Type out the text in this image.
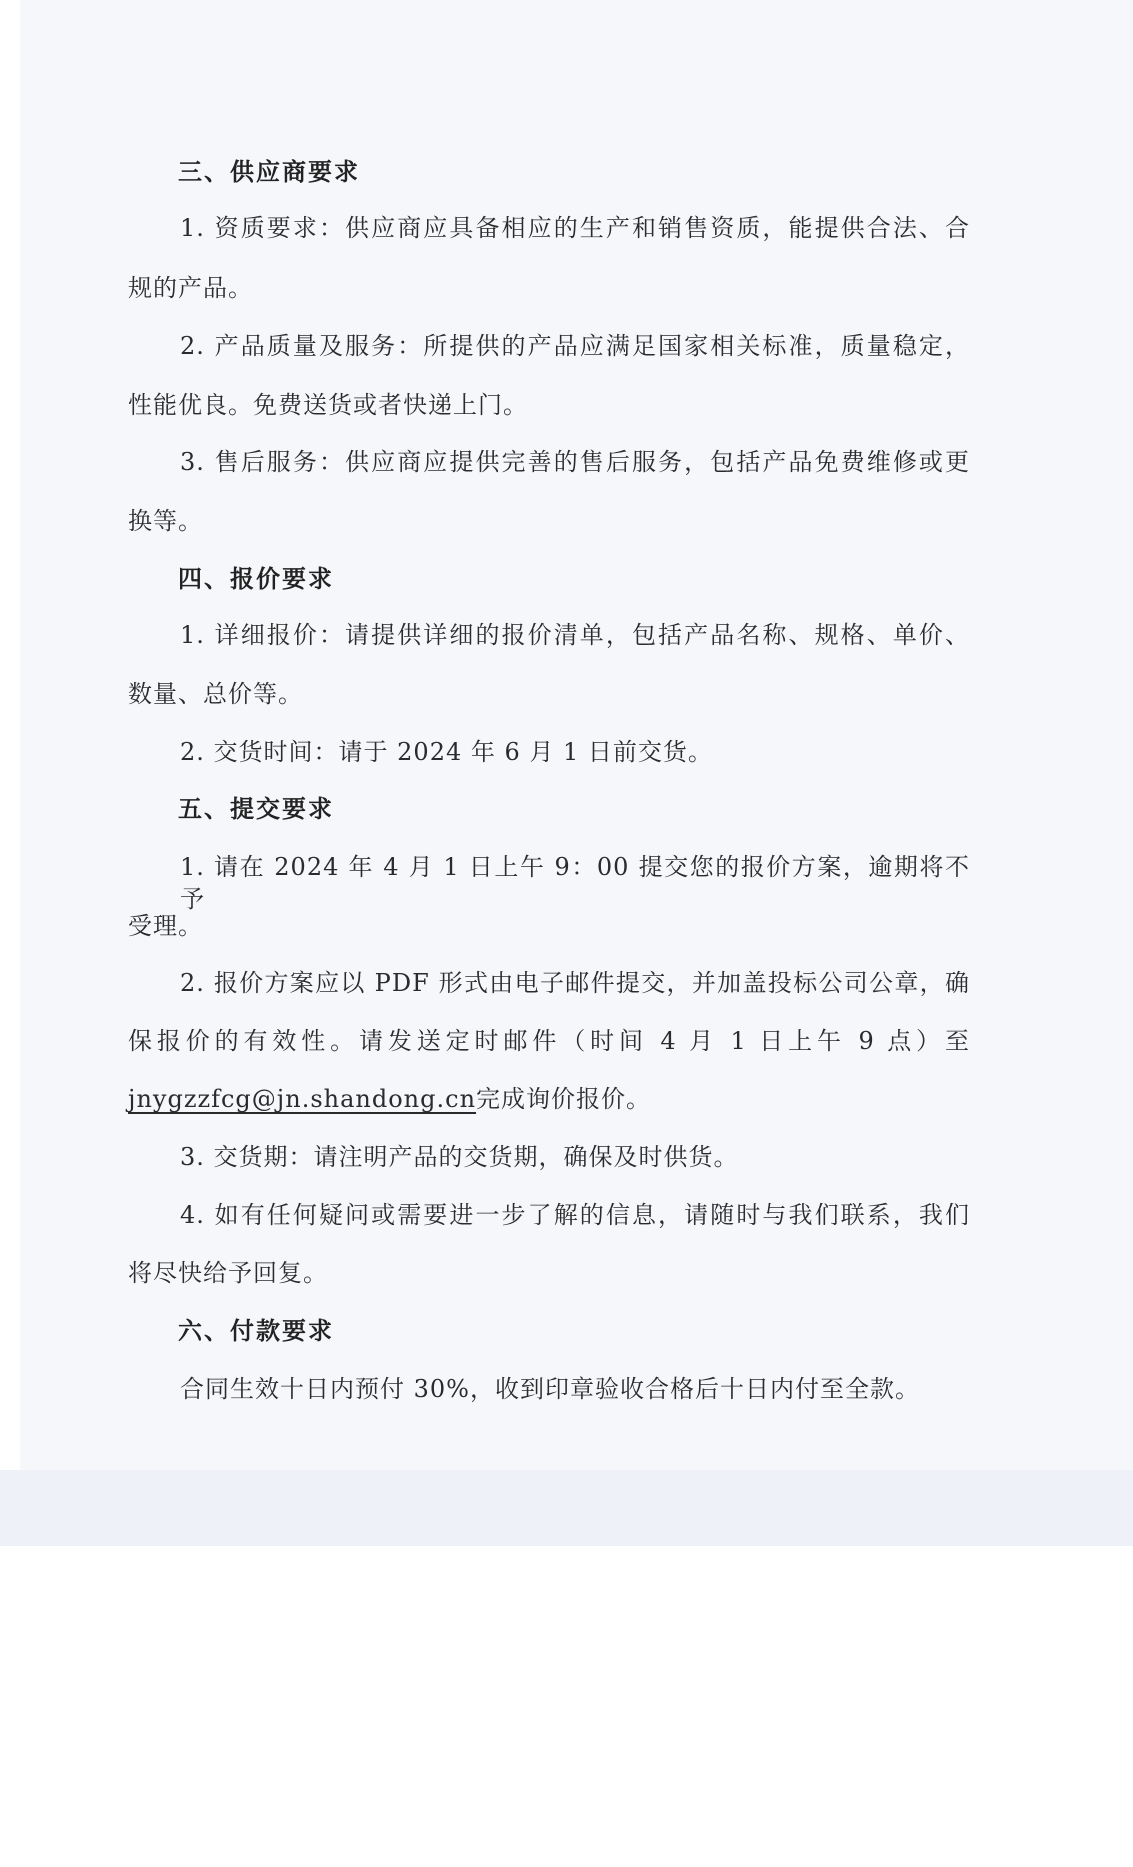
三、供应商要求
1. 资质要求：供应商应具备相应的生产和销售资质，能提供合法、合
规的产品。
2. 产品质量及服务：所提供的产品应满足国家相关标准，质量稳定，
性能优良。免费送货或者快递上门。
3. 售后服务：供应商应提供完善的售后服务，包括产品免费维修或更
换等。
四、报价要求
1. 详细报价：请提供详细的报价清单，包括产品名称、规格、单价、
数量、总价等。
2. 交货时间：请于 2024 年 6 月 1 日前交货。
五、提交要求
1. 请在 2024 年 4 月 1 日上午 9：00 提交您的报价方案，逾期将不予
受理。
2. 报价方案应以 PDF 形式由电子邮件提交，并加盖投标公司公章，确
保报价的有效性。请发送定时邮件（时间 4 月 1 日上午 9 点）至
jnygzzfcg@jn.shandong.cn完成询价报价。
3. 交货期：请注明产品的交货期，确保及时供货。
4. 如有任何疑问或需要进一步了解的信息，请随时与我们联系，我们
将尽快给予回复。
六、付款要求
合同生效十日内预付 30%，收到印章验收合格后十日内付至全款。
